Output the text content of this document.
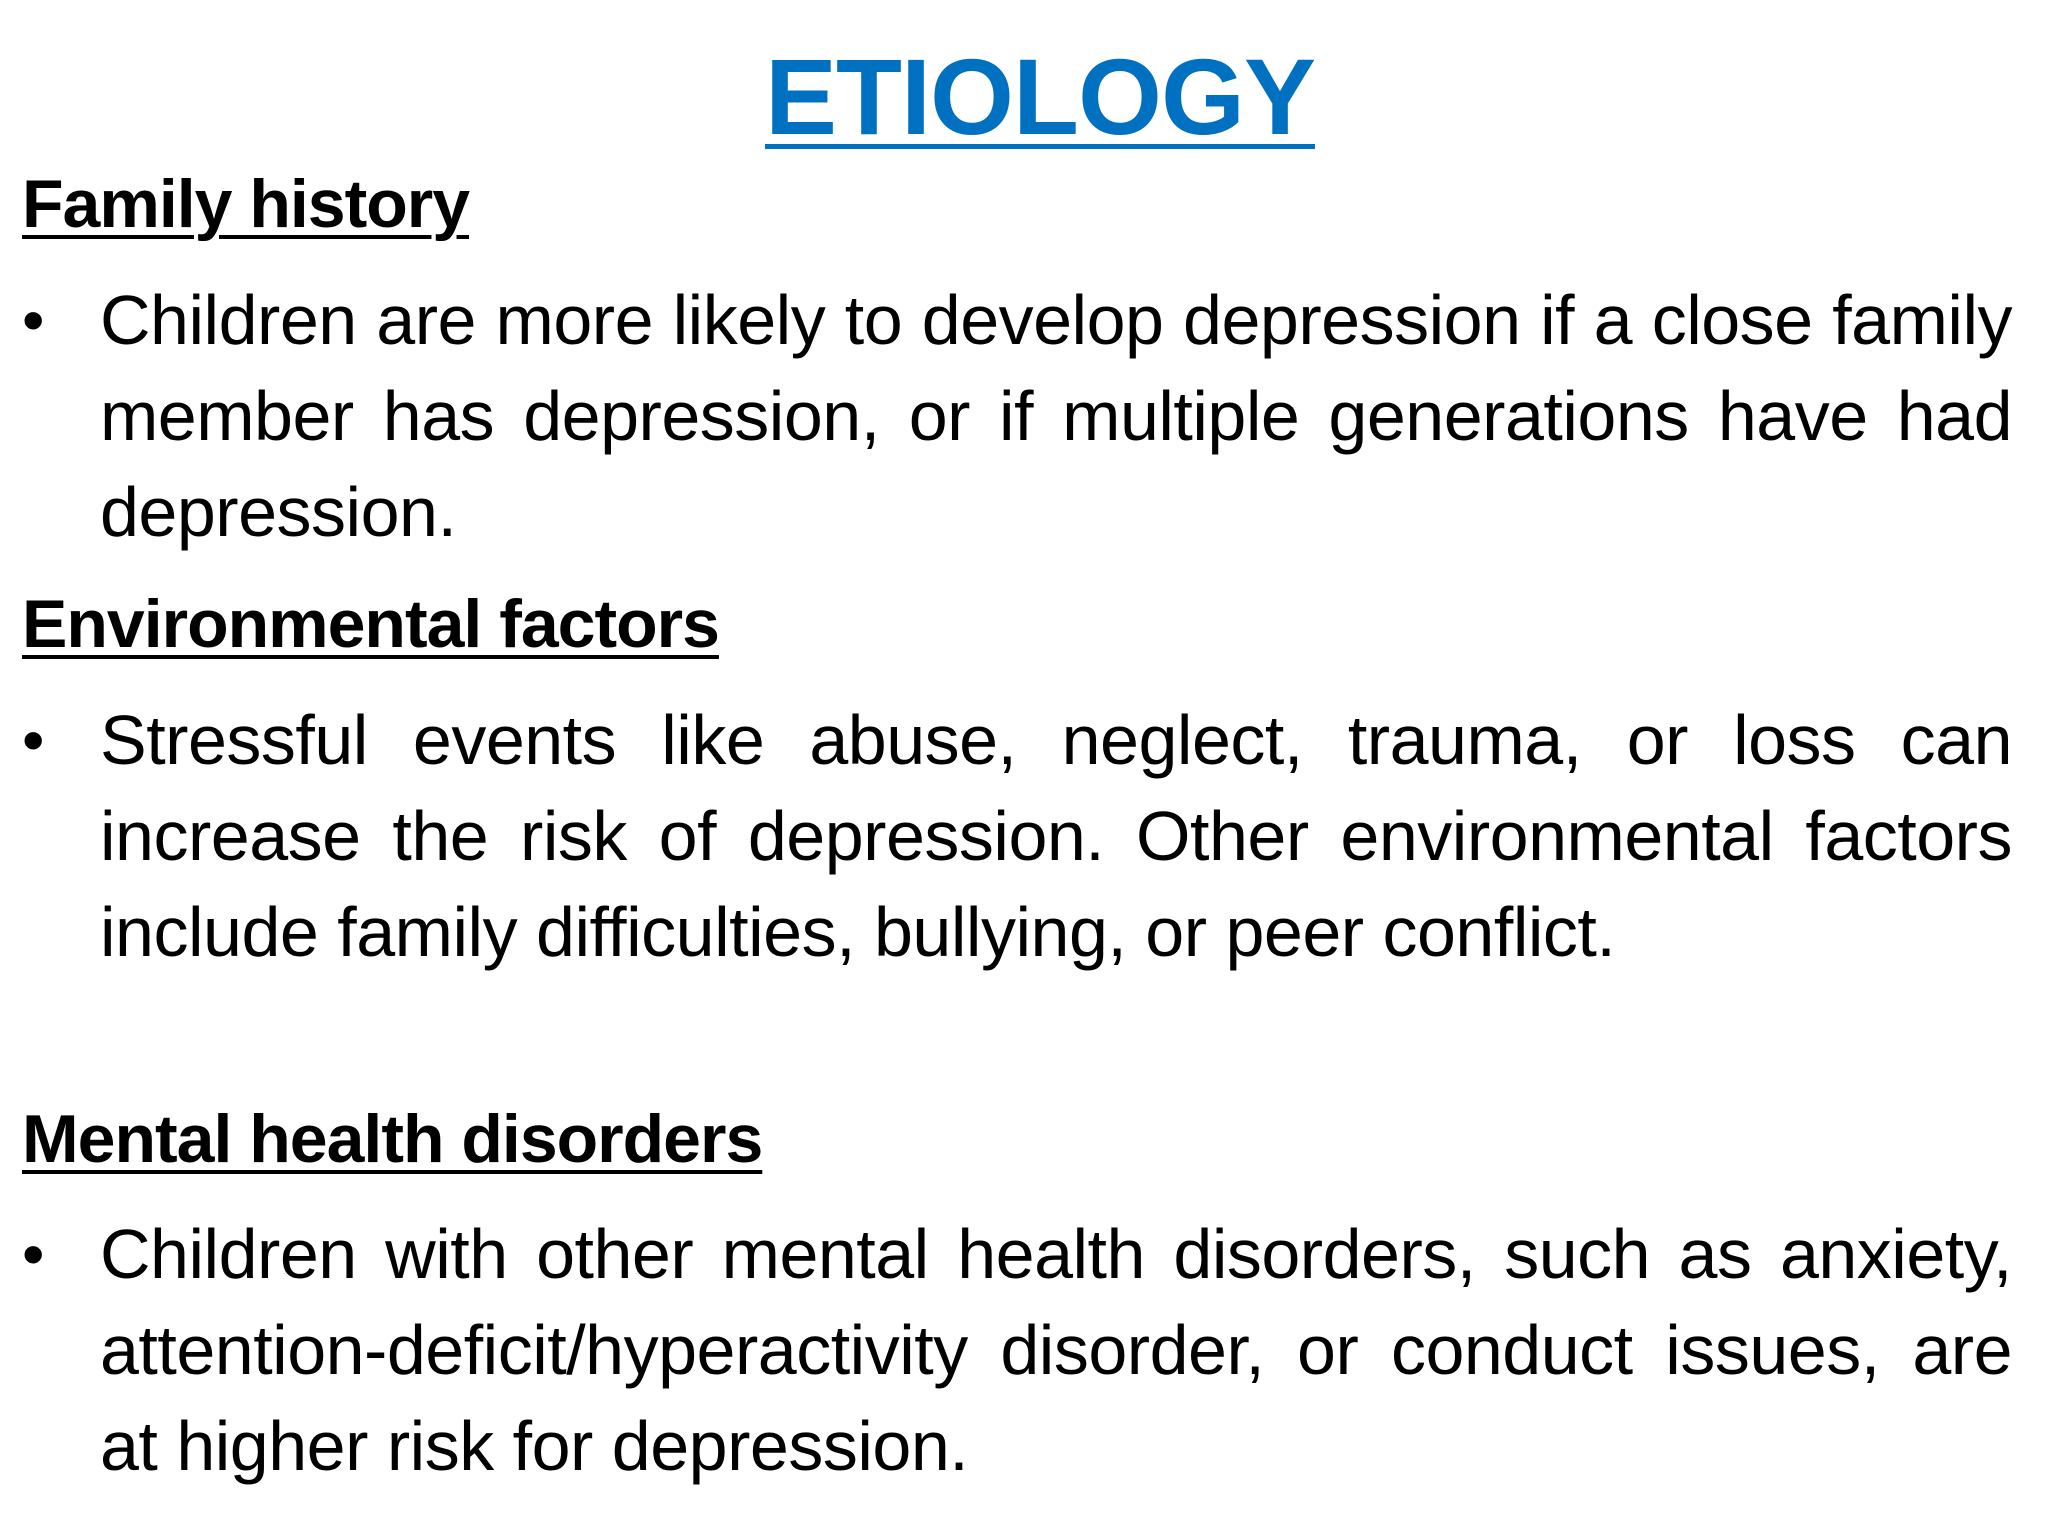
ETIOLOGY
Family history
• Children are more likely to develop depression if a close family member has depression, or if multiple generations have had depression.
Environmental factors
• Stressful events like abuse, neglect, trauma, or loss can increase the risk of depression. Other environmental factors include family difficulties, bullying, or peer conflict.
Mental health disorders
• Children with other mental health disorders, such as anxiety, attention-deficit/hyperactivity disorder, or conduct issues, are at higher risk for depression.
